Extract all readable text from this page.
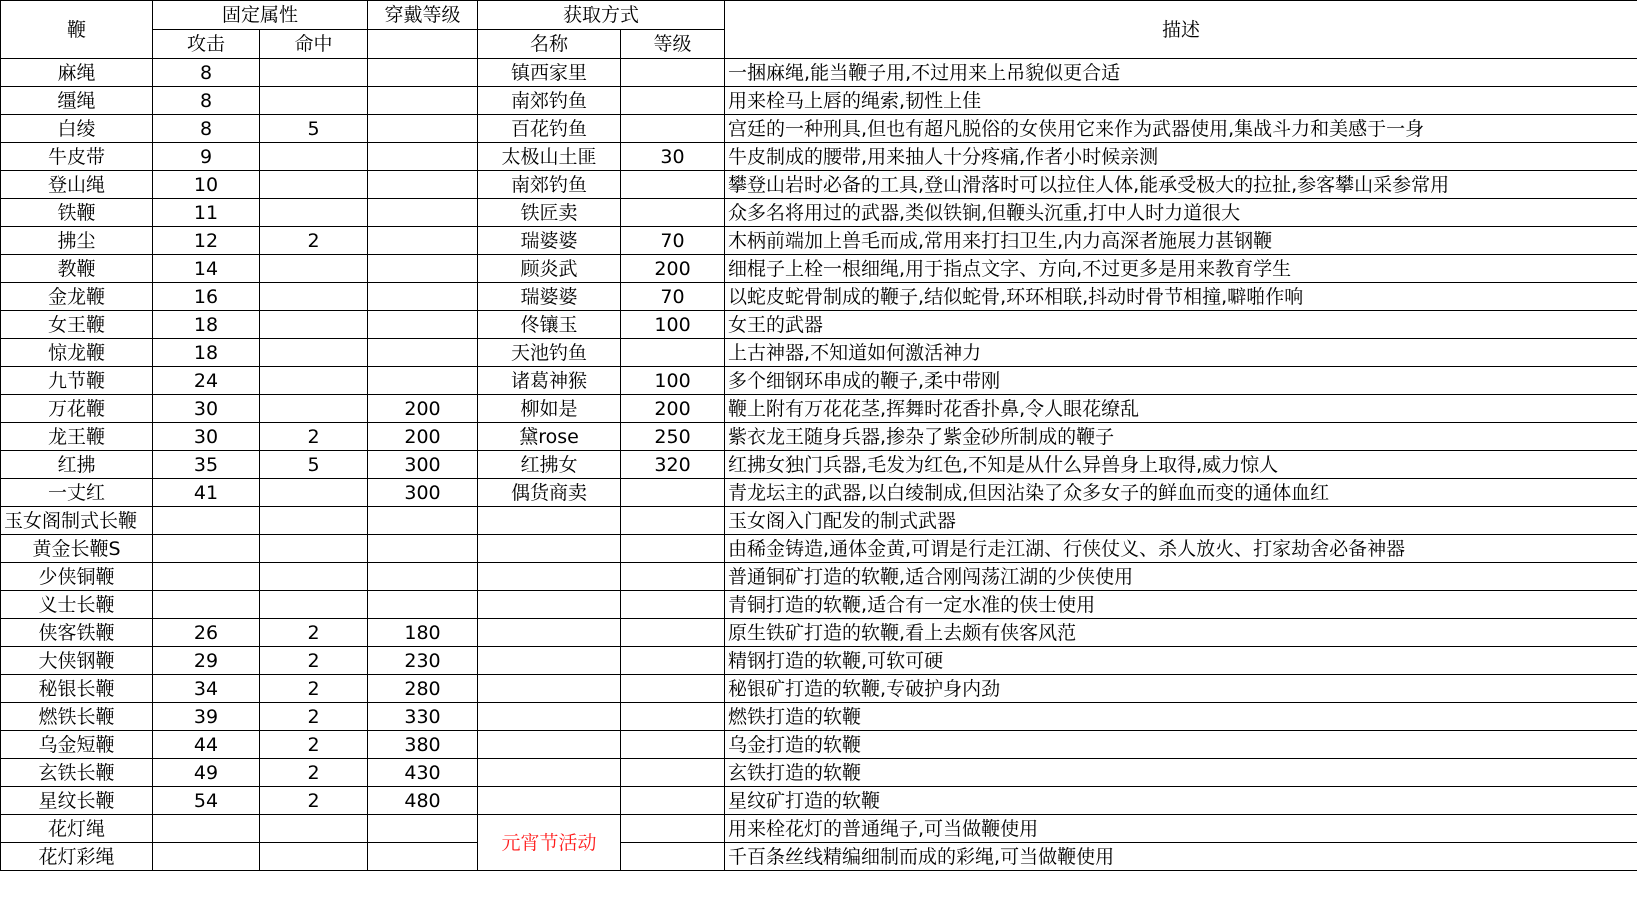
鞭	固定属性		穿戴等级	获取方式		描述
	攻击	命中		名称	等级	
麻绳	8			镇西家里		一捆麻绳,能当鞭子用,不过用来上吊貌似更合适
缰绳	8			南郊钓鱼		用来栓马上唇的绳索,韧性上佳
白绫	8	5		百花钓鱼		宫廷的一种刑具,但也有超凡脱俗的女侠用它来作为武器使用,集战斗力和美感于一身
牛皮带	9			太极山土匪	30	牛皮制成的腰带,用来抽人十分疼痛,作者小时候亲测
登山绳	10			南郊钓鱼		攀登山岩时必备的工具,登山滑落时可以拉住人体,能承受极大的拉扯,参客攀山采参常用
铁鞭	11			铁匠卖		众多名将用过的武器,类似铁锏,但鞭头沉重,打中人时力道很大
拂尘	12	2		瑞婆婆	70	木柄前端加上兽毛而成,常用来打扫卫生,内力高深者施展力甚钢鞭
教鞭	14			顾炎武	200	细棍子上栓一根细绳,用于指点文字、方向,不过更多是用来教育学生
金龙鞭	16			瑞婆婆	70	以蛇皮蛇骨制成的鞭子,结似蛇骨,环环相联,抖动时骨节相撞,噼啪作响
女王鞭	18			佟镶玉	100	女王的武器
惊龙鞭	18			天池钓鱼		上古神器,不知道如何激活神力
九节鞭	24			诸葛神猴	100	多个细钢环串成的鞭子,柔中带刚
万花鞭	30		200	柳如是	200	鞭上附有万花花茎,挥舞时花香扑鼻,令人眼花缭乱
龙王鞭	30	2	200	黛rose	250	紫衣龙王随身兵器,掺杂了紫金砂所制成的鞭子
红拂	35	5	300	红拂女	320	红拂女独门兵器,毛发为红色,不知是从什么异兽身上取得,威力惊人
一丈红	41		300	偶货商卖		青龙坛主的武器,以白绫制成,但因沾染了众多女子的鲜血而变的通体血红
玉女阁制式长鞭						玉女阁入门配发的制式武器
黄金长鞭S						由稀金铸造,通体金黄,可谓是行走江湖、行侠仗义、杀人放火、打家劫舍必备神器
少侠铜鞭						普通铜矿打造的软鞭,适合刚闯荡江湖的少侠使用
义士长鞭						青铜打造的软鞭,适合有一定水准的侠士使用
侠客铁鞭	26	2	180			原生铁矿打造的软鞭,看上去颇有侠客风范
大侠钢鞭	29	2	230			精钢打造的软鞭,可软可硬
秘银长鞭	34	2	280			秘银矿打造的软鞭,专破护身内劲
燃铁长鞭	39	2	330			燃铁打造的软鞭
乌金短鞭	44	2	380			乌金打造的软鞭
玄铁长鞭	49	2	430			玄铁打造的软鞭
星纹长鞭	54	2	480			星纹矿打造的软鞭
花灯绳				元宵节活动		用来栓花灯的普通绳子,可当做鞭使用
花灯彩绳						千百条丝线精编细制而成的彩绳,可当做鞭使用
